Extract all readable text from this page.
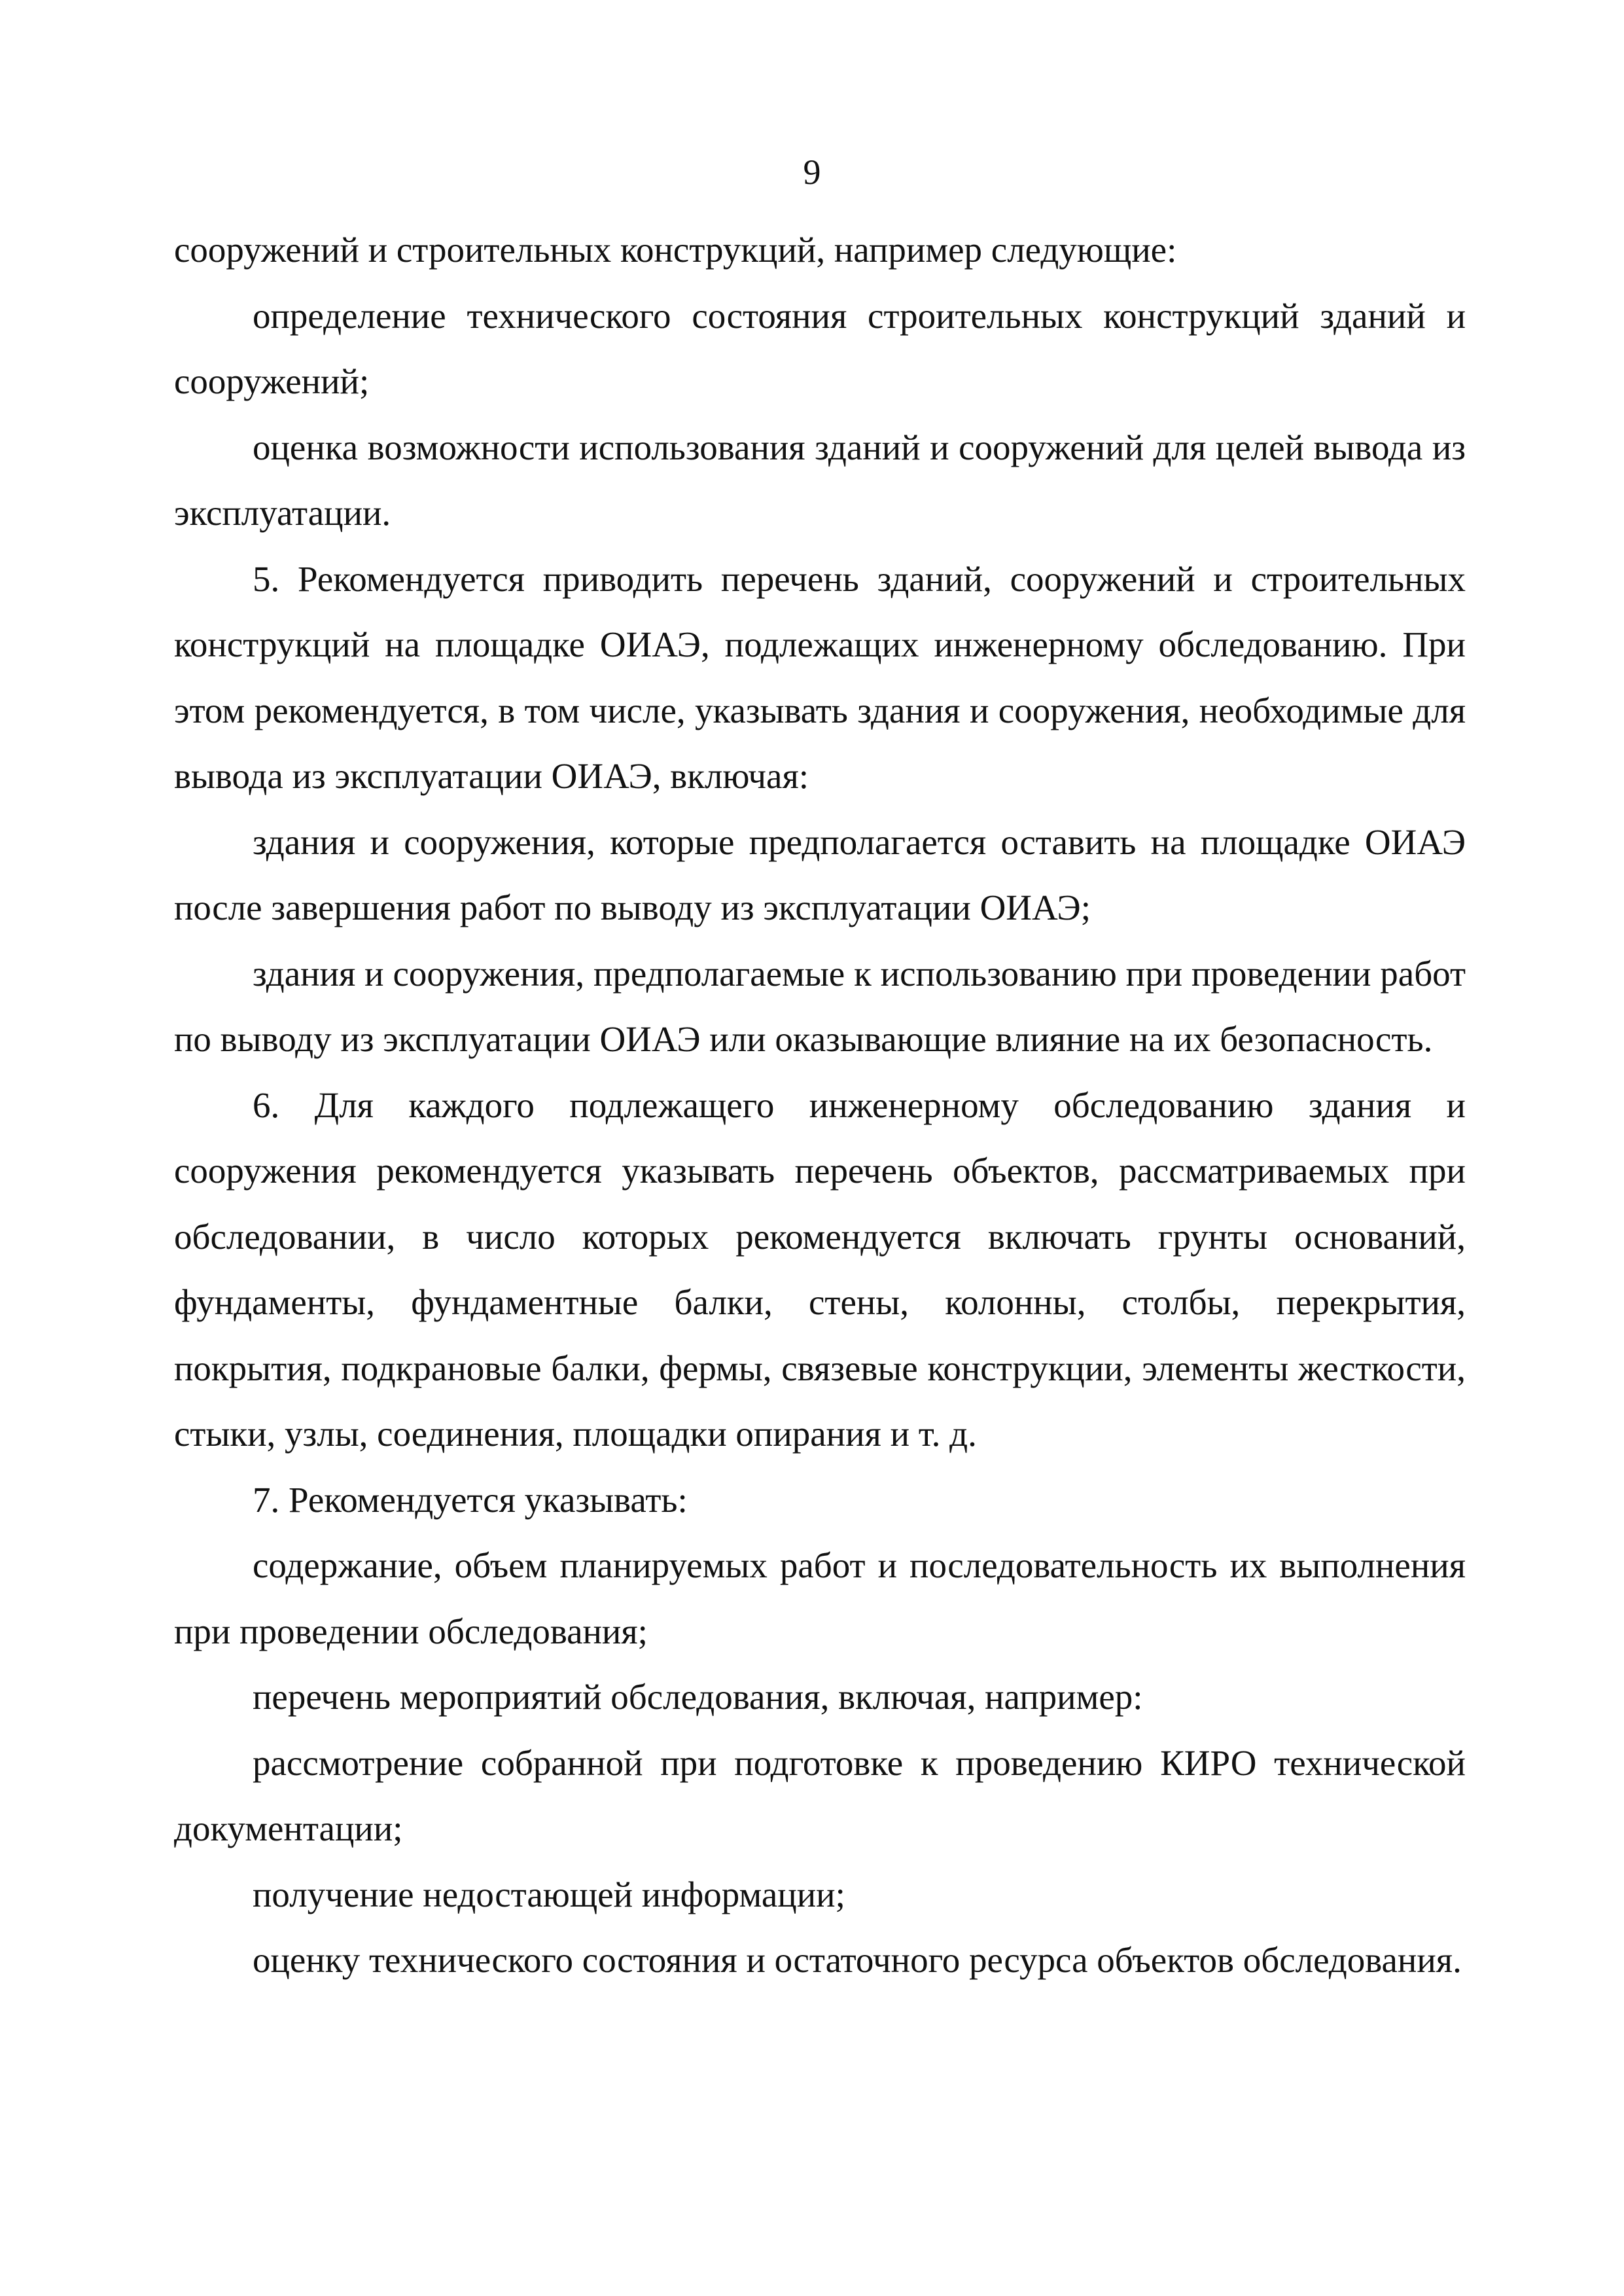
9

сооружений и строительных конструкций, например следующие:

определение технического состояния строительных конструкций зданий и сооружений;

оценка возможности использования зданий и сооружений для целей вывода из эксплуатации.

5. Рекомендуется приводить перечень зданий, сооружений и строительных конструкций на площадке ОИАЭ, подлежащих инженерному обследованию. При этом рекомендуется, в том числе, указывать здания и сооружения, необходимые для вывода из эксплуатации ОИАЭ, включая:

здания и сооружения, которые предполагается оставить на площадке ОИАЭ после завершения работ по выводу из эксплуатации ОИАЭ;

здания и сооружения, предполагаемые к использованию при проведении работ по выводу из эксплуатации ОИАЭ или оказывающие влияние на их безопасность.

6. Для каждого подлежащего инженерному обследованию здания и сооружения рекомендуется указывать перечень объектов, рассматриваемых при обследовании, в число которых рекомендуется включать грунты оснований, фундаменты, фундаментные балки, стены, колонны, столбы, перекрытия, покрытия, подкрановые балки, фермы, связевые конструкции, элементы жесткости, стыки, узлы, соединения, площадки опирания и т. д.

7. Рекомендуется указывать:

содержание, объем планируемых работ и последовательность их выполнения при проведении обследования;

перечень мероприятий обследования, включая, например:

рассмотрение собранной при подготовке к проведению КИРО технической документации;

получение недостающей информации;

оценку технического состояния и остаточного ресурса объектов обследования.
